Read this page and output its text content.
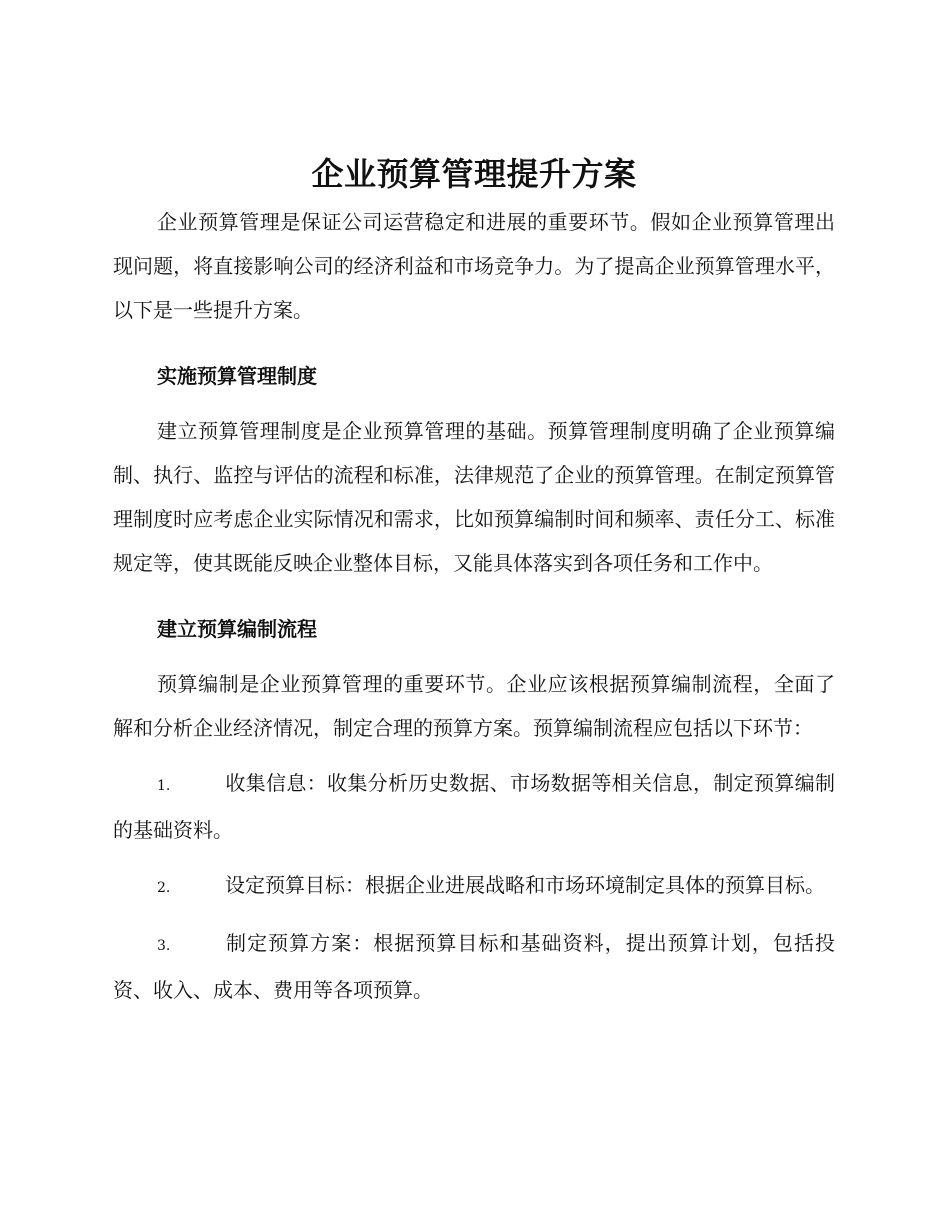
企业预算管理提升方案

企业预算管理是保证公司运营稳定和进展的重要环节。假如企业预算管理出现问题，将直接影响公司的经济利益和市场竞争力。为了提高企业预算管理水平，以下是一些提升方案。

实施预算管理制度

建立预算管理制度是企业预算管理的基础。预算管理制度明确了企业预算编制、执行、监控与评估的流程和标准，法律规范了企业的预算管理。在制定预算管理制度时应考虑企业实际情况和需求，比如预算编制时间和频率、责任分工、标准规定等，使其既能反映企业整体目标，又能具体落实到各项任务和工作中。

建立预算编制流程

预算编制是企业预算管理的重要环节。企业应该根据预算编制流程，全面了解和分析企业经济情况，制定合理的预算方案。预算编制流程应包括以下环节：

1.	收集信息：收集分析历史数据、市场数据等相关信息，制定预算编制的基础资料。

2.	设定预算目标：根据企业进展战略和市场环境制定具体的预算目标。

3.	制定预算方案：根据预算目标和基础资料，提出预算计划，包括投资、收入、成本、费用等各项预算。
